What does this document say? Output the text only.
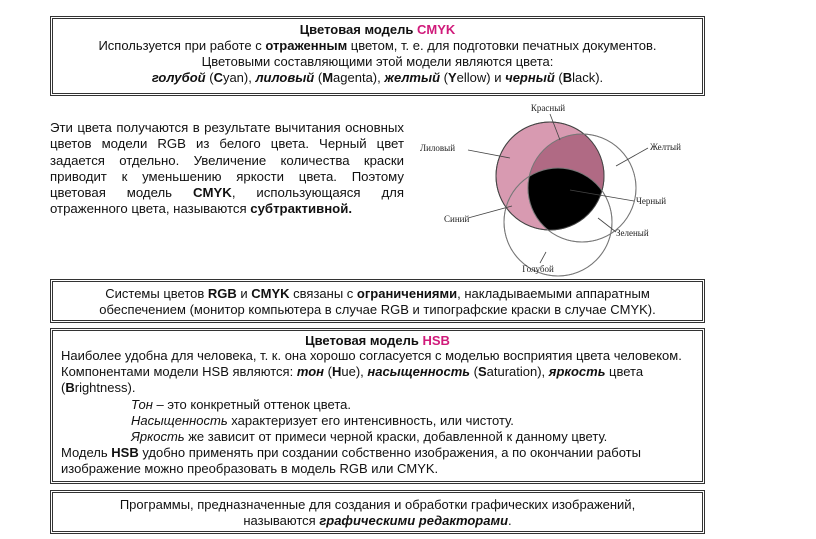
Цветовая модель CMYK
Используется при работе с отраженным цветом, т. е. для подготовки печатных документов.
Цветовыми составляющими этой модели являются цвета:
голубой (Cyan), лиловый (Magenta), желтый (Yellow) и черный (Black).
Эти цвета получаются в результате вычитания основных цветов модели RGB из белого цвета. Черный цвет задается отдельно. Увеличение количества краски приводит к уменьшению яркости цвета. Поэтому цветовая модель CMYK, использующаяся для отраженного цвета, называются субтрактивной.
Красный
Лиловый	Желтый
Черный
Синий
Зеленый
Голубой
Системы цветов RGB и CMYK связаны с ограничениями, накладываемыми аппаратным обеспечением (монитор компьютера в случае RGB и типографские краски в случае CMYK).
Цветовая модель HSB
Наиболее удобна для человека, т. к. она хорошо согласуется с моделью восприятия цвета человеком. Компонентами модели HSB являются: тон (Hue), насыщенность (Saturation), яркость цвета (Brightness).
Тон – это конкретный оттенок цвета.
Насыщенность характеризует его интенсивность, или чистоту.
Яркость же зависит от примеси черной краски, добавленной к данному цвету.
Модель HSB удобно применять при создании собственно изображения, а по окончании работы изображение можно преобразовать в модель RGB или CMYK.
Программы, предназначенные для создания и обработки графических изображений,
называются графическими редакторами.
